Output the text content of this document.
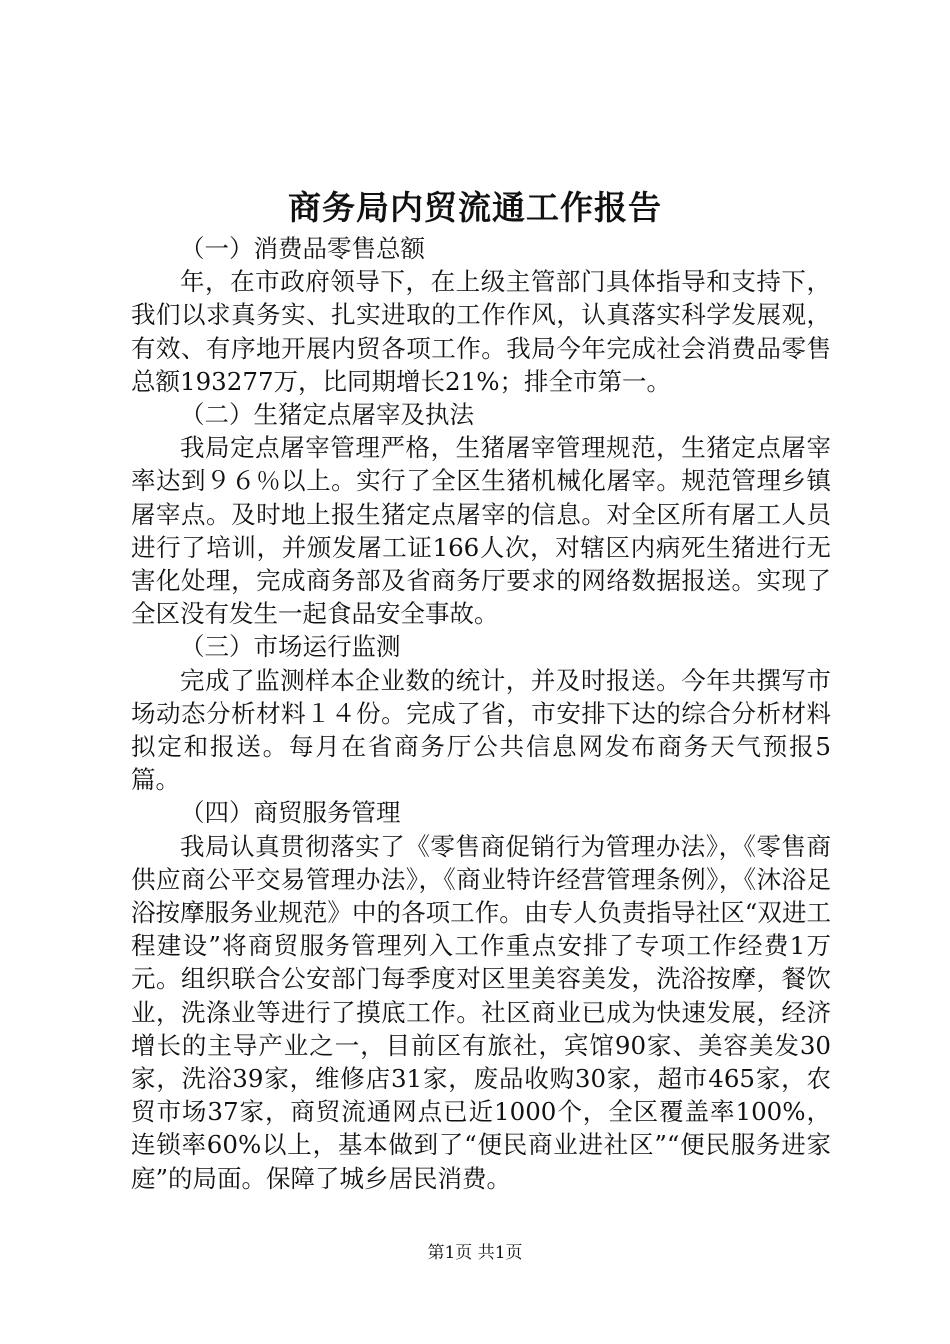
商务局内贸流通工作报告

（一）消费品零售总额

年，在市政府领导下，在上级主管部门具体指导和支持下，我们以求真务实、扎实进取的工作作风，认真落实科学发展观，有效、有序地开展内贸各项工作。我局今年完成社会消费品零售总额193277万，比同期增长21%；排全市第一。

（二）生猪定点屠宰及执法

我局定点屠宰管理严格，生猪屠宰管理规范，生猪定点屠宰率达到９６％以上。实行了全区生猪机械化屠宰。规范管理乡镇屠宰点。及时地上报生猪定点屠宰的信息。对全区所有屠工人员进行了培训，并颁发屠工证166人次，对辖区内病死生猪进行无害化处理，完成商务部及省商务厅要求的网络数据报送。实现了全区没有发生一起食品安全事故。

（三）市场运行监测

完成了监测样本企业数的统计，并及时报送。今年共撰写市场动态分析材料１４份。完成了省，市安排下达的综合分析材料拟定和报送。每月在省商务厅公共信息网发布商务天气预报5篇。

（四）商贸服务管理

我局认真贯彻落实了《零售商促销行为管理办法》，《零售商供应商公平交易管理办法》，《商业特许经营管理条例》，《沐浴足浴按摩服务业规范》中的各项工作。由专人负责指导社区“双进工程建设”将商贸服务管理列入工作重点安排了专项工作经费1万元。组织联合公安部门每季度对区里美容美发，洗浴按摩，餐饮业，洗涤业等进行了摸底工作。社区商业已成为快速发展，经济增长的主导产业之一，目前区有旅社，宾馆90家、美容美发30家，洗浴39家，维修店31家，废品收购30家，超市465家，农贸市场37家，商贸流通网点已近1000个，全区覆盖率100%，连锁率60%以上，基本做到了“便民商业进社区”“便民服务进家庭”的局面。保障了城乡居民消费。

第1页 共1页
